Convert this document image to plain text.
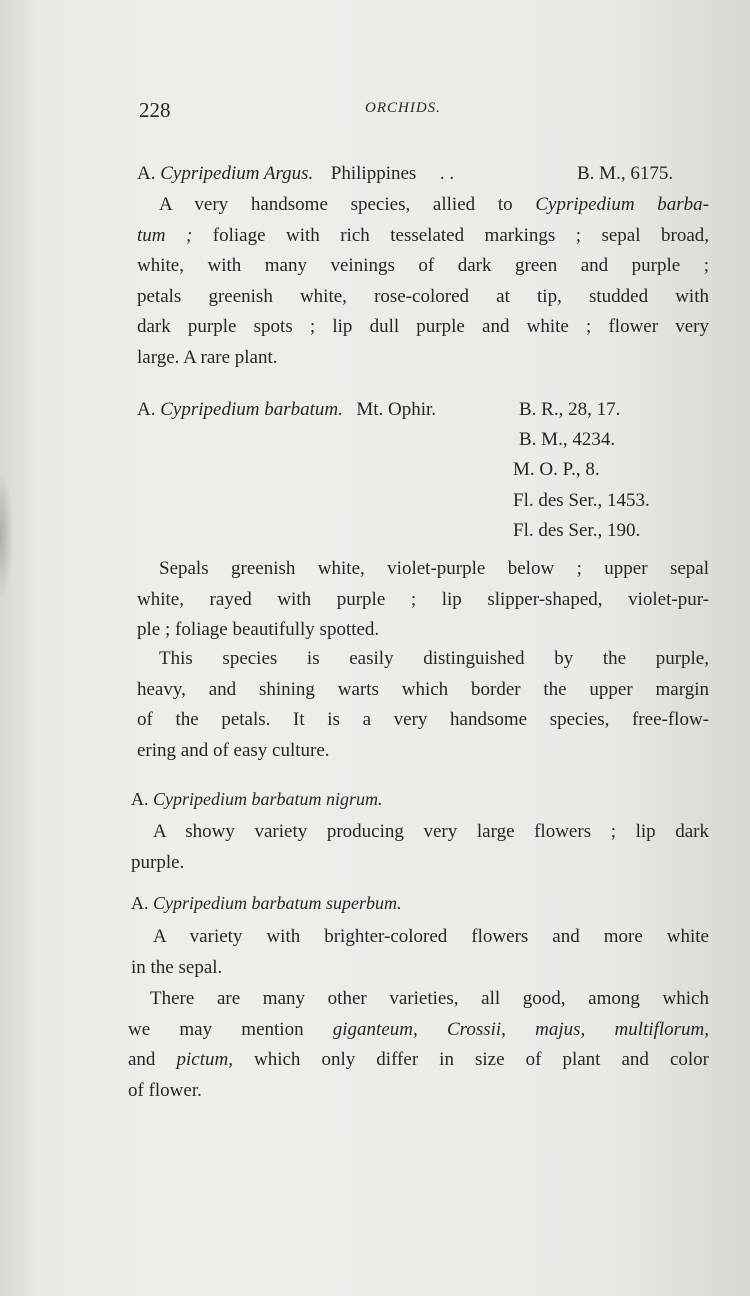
228	ORCHIDS.
A. Cypripedium Argus. Philippines . .	B. M., 6175.
A very handsome species, allied to Cypripedium barba-
tum ; foliage with rich tesselated markings ; sepal broad,
white, with many veinings of dark green and purple ;
petals greenish white, rose-colored at tip, studded with
dark purple spots ; lip dull purple and white ; flower very
large. A rare plant.
A. Cypripedium barbatum. Mt. Ophir.	B. R., 28, 17.
B. M., 4234.
M. O. P., 8.
Fl. des Ser., 1453.
Fl. des Ser., 190.
Sepals greenish white, violet-purple below ; upper sepal
white, rayed with purple ; lip slipper-shaped, violet-pur-
ple ; foliage beautifully spotted.
This species is easily distinguished by the purple,
heavy, and shining warts which border the upper margin
of the petals. It is a very handsome species, free-flow-
ering and of easy culture.
A. Cypripedium barbatum nigrum.
A showy variety producing very large flowers ; lip dark
purple.
A. Cypripedium barbatum superbum.
A variety with brighter-colored flowers and more white
in the sepal.
There are many other varieties, all good, among which
we may mention giganteum, Crossii, majus, multiflorum,
and pictum, which only differ in size of plant and color
of flower.
